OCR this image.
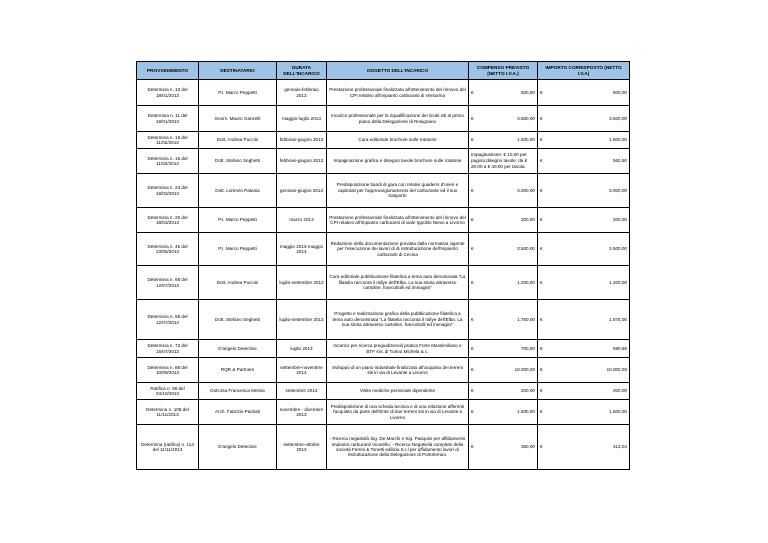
PROVVEDIMENTO	DESTINATARIO	DURATA DELL'INCARICO	OGGETTO DELL'INCARICO	COMPENSO PREVISTO (NETTO I.V.A.)	IMPORTO CORRISPOSTO (NETTO I.V.A)
Determina n. 10 del 18/01/2013	P.I. Marco Peppetti	gennaio-febbraio 2013	Prestazione professionale finalizzata all'ottenimento del rinnovo del CPI relativo all'impianto carburanti di Venturina	€ 500,00	€ 500,00

Determina n. 11 del 18/01/2013	Geom. Mauro Ganzelli	maggio-luglio 2013	Incarico professionale per la riqualificazione dei locali siti al primo piano della Delegazione di Rosignano	€ 3.600,00	€ 3.600,00

Determina n. 15 del 11/02/2013	Dott. Andrea Puccini	febbraio-giugno 2013	Cura editoriale brochure sulle rotatorie	€ 1.600,00	€ 1.600,00

Determina n. 15 del 11/02/2013	Dott. Stefano Seghetti	febbraio-giugno 2013	Impaginazione grafica e disegno tavole brochure sulle rotatorie	Impaginazione: € 10,00 per pagina;disegno tavole: da € 20,00 a € 40,00 per tavola.	€ 562,50

Determina n. 23 del 18/03/2013	Dott. Lorenzo Patania	gennaio-giugno 2013	Predisposizione bandi di gara con relativi quaderni d'oneri e capitolati per l'approvvigionamento del carburante ed il suo trasporto	€ 3.000,00	€ 3.000,00

Determina n. 25 del 18/03/2013	P.I. Marco Peppetti	marzo 2013	Prestazione professionale finalizzata all'ottenimento del rinnovo del CPI relativo all'impianto carburanti di viale Ippolito Nievo a Livorno	€ 200,00	€ 200,00

Determina n. 45 del 23/05/2013	P.I. Marco Peppetti	maggio 2013-maggio 2014	Redazione della documentazione prevista dalla normativa vigente per l'esecuzione dei lavori di di ristrutturazione dell'impianto carburanti di Cecina	€ 3.500,00	€ 3.500,00

Determina n. 68 del 12/07/2013	Dott. Andrea Puccini	luglio-settembre 2013	Cura editoriale pubblicazione filatelica a tema auto denominata "La filatelia racconta il rallye dell'Elba. La sua storia attraverso cartoline, francobolli ed immagini"	€ 1.200,00	€ 1.200,00

Determina n. 68 del 12/07/2013	Dott. Stefano Seghetti	luglio-settembre 2013	Progetto e realizzazione grafica della pubblicazione filatelica a tema auto denominata "La filatelia racconta il rallye dell'Elba. La sua storia attraverso cartoline, francobolli ed immagini"	€ 1.750,00	€ 1.875,00

Determina n. 72 del 15/07/2013	D'angelo Detective	luglio 2013	Incarico per ricerca pregiudizievoli pratica Forte Massimiliano e BTF snc di Turino Michela & c.	€ 700,00	€ 690,56

Determina n. 88 del 10/09/2013	RQR & Partners	settembre-novembre 2013	Sviluppo di un piano industriale finalizzato all'acquisto dei terreni siti in via di Levante a Livorno	€ 10.000,00	€ 10.000,00

Ratifica n. 98 del 04/10/2013	Dott.ssa Francesca Messa	settembre 2013	Visite mediche personale dipendente	€ 200,00	€ 200,00

Determina n. 108 del 11/11/2013	Arch. Fabrizio Paolotti	novembre - dicembre 2013	Predisposizione di una scheda tecnica e di una relazione afferenti l'acquisto da parte dell'Ente di due terreni siti in via di Levante a Livorno	€ 1.500,00	€ 1.500,00

Determina (ratifica) n. 114 del 11/11/2013	D'angelo Detective	settembre-ottobre 2013	- Ricerca negatività Sig. De Marchi e Sig. Pasquini per affidamento impianto carburanti Vicarello; - Ricerca Negatività complete della società Ferrini & Tonetti edilizia S.r.l per affidamento lavori di ristrutturazione della Delegazione di Portoferraio.	€ 350,00	€ 313,04
